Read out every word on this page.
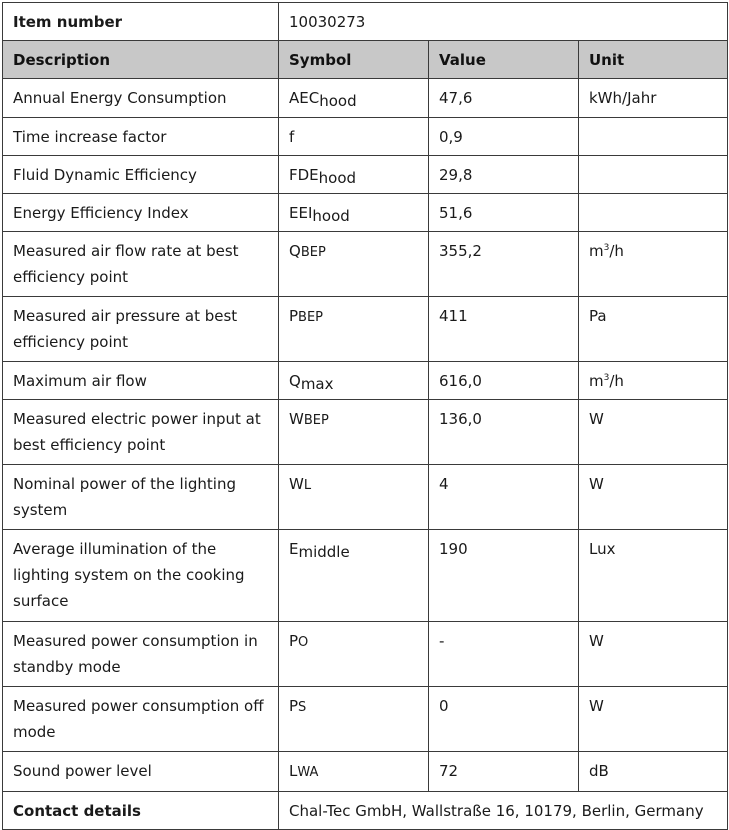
Item number	10030273		
Description	Symbol	Value	Unit
Annual Energy Consumption	AEChood	47,6	kWh/Jahr
Time increase factor	f	0,9	
Fluid Dynamic Efficiency	FDEhood	29,8	
Energy Efficiency Index	EEIhood	51,6	
Measured air flow rate at best efficiency point	QBEP	355,2	$m^3/h$
Measured air pressure at best efficiency point	PBEP	411	Pa
Maximum air flow	Qmax	616,0	$m^3/h$
Measured electric power input at best efficiency point	WBEP	136,0	W
Nominal power of the lighting system	WL	4	W
Average illumination of the lighting system on the cooking surface	Emiddle	190	Lux
Measured power consumption in standby mode	PO	-	W
Measured power consumption off mode	PS	0	W
Sound power level	LWA	72	dB
Contact details	Chal-Tec GmbH, Wallstraße 16, 10179, Berlin, Germany		
